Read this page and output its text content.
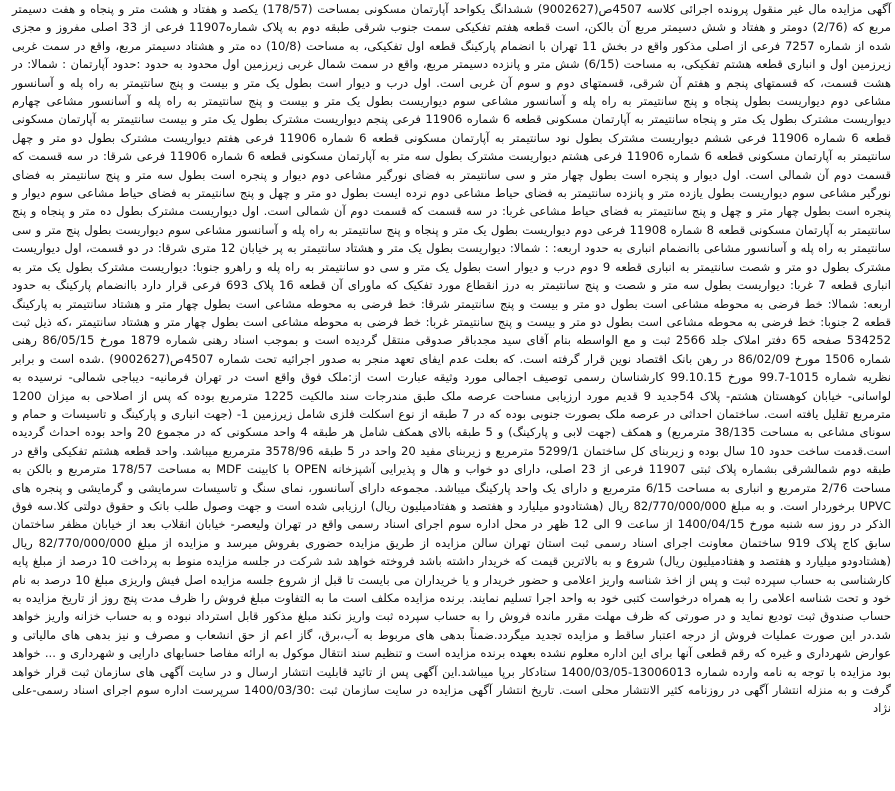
آگهی مزایده مال غیر منقول پرونده اجرائی کلاسه 4507ص(9002627) ششدانگ یکواحد آپارتمان مسکونی بمساحت (178/57) یکصد و هفتاد و هشت متر و پنجاه و هفت دسیمتر مربع که (2/76) دومتر و هفتاد و شش دسیمتر مربع آن بالکن، است قطعه هفتم تفکیکی سمت جنوب شرقی طبقه دوم به پلاک شماره11907 فرعی از 33 اصلی مفروز و مجزی شده از شماره 7257 فرعی از اصلی مذکور واقع در بخش 11 تهران با انضمام پارکینگ قطعه اول تفکیکی، به مساحت (10/8) ده متر و هشتاد دسیمتر مربع، واقع در سمت غربی زیرزمین اول و انباری قطعه هشتم تفکیکی، به مساحت (6/15) شش متر و پانزده دسیمتر مربع، واقع در سمت شمال غربی زیرزمین اول محدود به حدود :حدود آپارتمان : شمالا: در هشت قسمت، که قسمتهای پنجم و هفتم آن شرقی، قسمتهای دوم و سوم آن غربی است. اول درب و دیوار است بطول یک متر و بیست و پنج سانتیمتر به راه پله و آسانسور مشاعی دوم دیواریست بطول پنجاه و پنج سانتیمتر به راه پله و آسانسور مشاعی سوم دیواریست بطول یک متر و بیست و پنج سانتیمتر به راه پله و آسانسور مشاعی چهارم دیواریست مشترک بطول یک متر و پنجاه سانتیمتر به آپارتمان مسکونی قطعه 6 شماره 11906 فرعی پنجم دیواریست مشترک بطول یک متر و بیست سانتیمتر به آپارتمان مسکونی قطعه 6 شماره 11906 فرعی ششم دیواریست مشترک بطول نود سانتیمتر به آپارتمان مسکونی قطعه 6 شماره 11906 فرعی هفتم دیواریست مشترک بطول دو متر و چهل سانتیمتر به آپارتمان مسکونی قطعه 6 شماره 11906 فرعی هشتم دیواریست مشترک بطول سه متر به آپارتمان مسکونی قطعه 6 شماره 11906 فرعی شرقا: در سه قسمت که قسمت دوم آن شمالی است. اول دیوار و پنجره است بطول چهار متر و سی سانتیمتر به فضای نورگیر مشاعی دوم دیوار و پنجره است بطول سه متر و پنج سانتیمتر به فضای نورگیر مشاعی سوم دیواریست بطول یازده متر و پانزده سانتیمتر به فضای حیاط مشاعی دوم نرده ایست بطول دو متر و چهل و پنج سانتیمتر به فضای حیاط مشاعی سوم دیوار و پنجره است بطول چهار متر و چهل و پنج سانتیمتر به فضای حیاط مشاعی غربا: در سه قسمت که قسمت دوم آن شمالی است. اول دیواریست مشترک بطول ده متر و پنجاه و پنج سانتیمتر به آپارتمان مسکونی قطعه 8 شماره 11908 فرعی دوم دیواریست بطول یک متر و پنجاه و پنج سانتیمتر به راه پله و آسانسور مشاعی سوم دیواریست بطول پنج متر و سی سانتیمتر به راه پله و آسانسور مشاعی باانضمام انباری به حدود اربعه: : شمالا: دیواریست بطول یک متر و هشتاد سانتیمتر به پر خیابان 12 متری شرقا: در دو قسمت، اول دیواریست مشترک بطول دو متر و شصت سانتیمتر به انباری قطعه 9 دوم درب و دیوار است بطول یک متر و سی دو سانتیمتر به راه پله و راهرو جنوبا: دیواریست مشترک بطول یک متر به انباری قطعه 7 غربا: دیواریست بطول سه متر و شصت و پنج سانتیمتر به درز انقطاع مورد تفکیک که ماورای آن قطعه 16 پلاک 693 فرعی قرار دارد باانضمام پارکینگ به حدود اربعه: شمالا: خط فرضی به محوطه مشاعی است بطول دو متر و بیست و پنج سانتیمتر شرقا: خط فرضی به محوطه مشاعی است بطول چهار متر و هشتاد سانتیمتر به پارکینگ قطعه 2 جنوبا: خط فرضی به محوطه مشاعی است بطول دو متر و بیست و پنج سانتیمتر غربا: خط فرضی به محوطه مشاعی است بطول چهار متر و هشتاد سانتیمتر ،که ذیل ثبت 534252 صفحه 65 دفتر املاک جلد 2566 ثبت و مع الواسطه بنام آقای سید مجدباقر صدوقی منتقل گردیده است و بموجب اسناد رهنی شماره 1879 مورخ 86/05/15 رهنی شماره 1506 مورخ 86/02/09 در رهن بانک اقتصاد نوین قرار گرفته است. که بعلت عدم ایفای تعهد منجر به صدور اجرائیه تحت شماره 4507ص(9002627) .شده است و برابر نظریه شماره 1015-99.7 مورخ 99.10.15 کارشناسان رسمی توصیف اجمالی مورد وثیقه عبارت است از:ملک فوق واقع است در تهران فرمانیه- دیباجی شمالی- نرسیده به لواسانی- خیابان کوهستان هشتم- پلاک 54جدید 9 قدیم مورد ارزیابی مساحت عرصه ملک طبق مندرجات سند مالکیت 1225 مترمربع بوده که پس از اصلاحی به میزان 1200 مترمربع تقلیل یافته است. ساختمان احداثی در عرصه ملک بصورت جنوبی بوده که در 7 طبقه از نوع اسکلت فلزی شامل زیرزمین 1- (جهت انباری و پارکینگ و تاسیسات و حمام و سونای مشاعی به مساحت 38/135 مترمربع) و همکف (جهت لابی و پارکینگ) و 5 طبقه بالای همکف شامل هر طبقه 4 واحد مسکونی که در مجموع 20 واحد بوده احداث گردیده است.قدمت ساخت حدود 10 سال بوده و زیربنای کل ساختمان 5299/1 مترمربع و زیربنای مفید 20 واحد در 5 طبقه 3578/96 مترمربع میباشد. واحد قطعه هشتم تفکیکی واقع در طبقه دوم شمالشرقی بشماره پلاک ثبتی 11907 فرعی از 23 اصلی، دارای دو خواب و هال و پذیرایی آشپزخانه OPEN با کابینت MDF به مساحت 178/57 مترمربع و بالکن به مساحت 2/76 مترمربع و انباری به مساحت 6/15 مترمربع و دارای یک واحد پارکینگ میباشد. مجموعه دارای آسانسور، نمای سنگ و تاسیسات سرمایشی و گرمایشی و پنجره های UPVC برخوردار است. و به مبلغ 82/770/000/000 ریال (هشتادودو میلیارد و هفتصد و هفتادمیلیون ریال) ارزیابی شده است و جهت وصول طلب بانک و حقوق دولتی کلا.سه فوق الذکر در روز سه شنبه مورخ 1400/04/15 از ساعت 9 الی 12 ظهر در محل اداره سوم اجرای اسناد رسمی واقع در تهران ولیعصر- خیابان انقلاب بعد از خیابان مظفر ساختمان سابق کاج پلاک 919 ساختمان معاونت اجرای اسناد رسمی ثبت استان تهران سالن مزایده از طریق مزایده حضوری بفروش میرسد و مزایده از مبلغ 82/770/000/000 ریال (هشتادودو میلیارد و هفتصد و هفتادمیلیون ریال) شروع و به بالاترین قیمت که خریدار داشته باشد فروخته خواهد شد شرکت در جلسه مزایده منوط به پرداخت 10 درصد از مبلغ پایه کارشناسی به حساب سپرده ثبت و پس از اخذ شناسه واریز اعلامی و حضور خریدار و یا خریداران می بایست تا قبل از شروع جلسه مزایده اصل فیش واریزی مبلغ 10 درصد به نام خود و تحت شناسه اعلامی را به همراه درخواست کتبی خود به واحد اجرا تسلیم نمایند. برنده مزایده مکلف است ما به التفاوت مبلغ فروش را ظرف مدت پنج روز از تاریخ مزایده به حساب صندوق ثبت تودیع نماید و در صورتی که ظرف مهلت مقرر مانده فروش را به حساب سپرده ثبت واریز نکند مبلغ مذکور قابل استرداد نبوده و به حساب خزانه واریز خواهد شد.در این صورت عملیات فروش از درجه اعتبار ساقط و مزایده تجدید میگردد.ضمناً بدهی های مربوط به آب،برق، گاز اعم از حق انشعاب و مصرف و نیز بدهی های مالیاتی و عوارض شهرداری و غیره که رقم قطعی آنها برای این اداره معلوم نشده بعهده برنده مزایده است و تنظیم سند انتقال موکول به ارائه مفاصا حسابهای دارایی و شهرداری و ... خواهد بود مزایده با توجه به نامه وارده شماره 13006013-1400/03/05 ستادکار برپا میباشد.این آگهی پس از تائید قابلیت انتشار ارسال و در سایت آگهی های سازمان ثبت قرار خواهد گرفت و به منزله انتشار آگهی در روزنامه کثیر الانتشار محلی است. تاریخ انتشار آگهی مزایده در سایت سازمان ثبت :1400/03/30 سرپرست اداره سوم اجرای اسناد رسمی-علی نژاد
